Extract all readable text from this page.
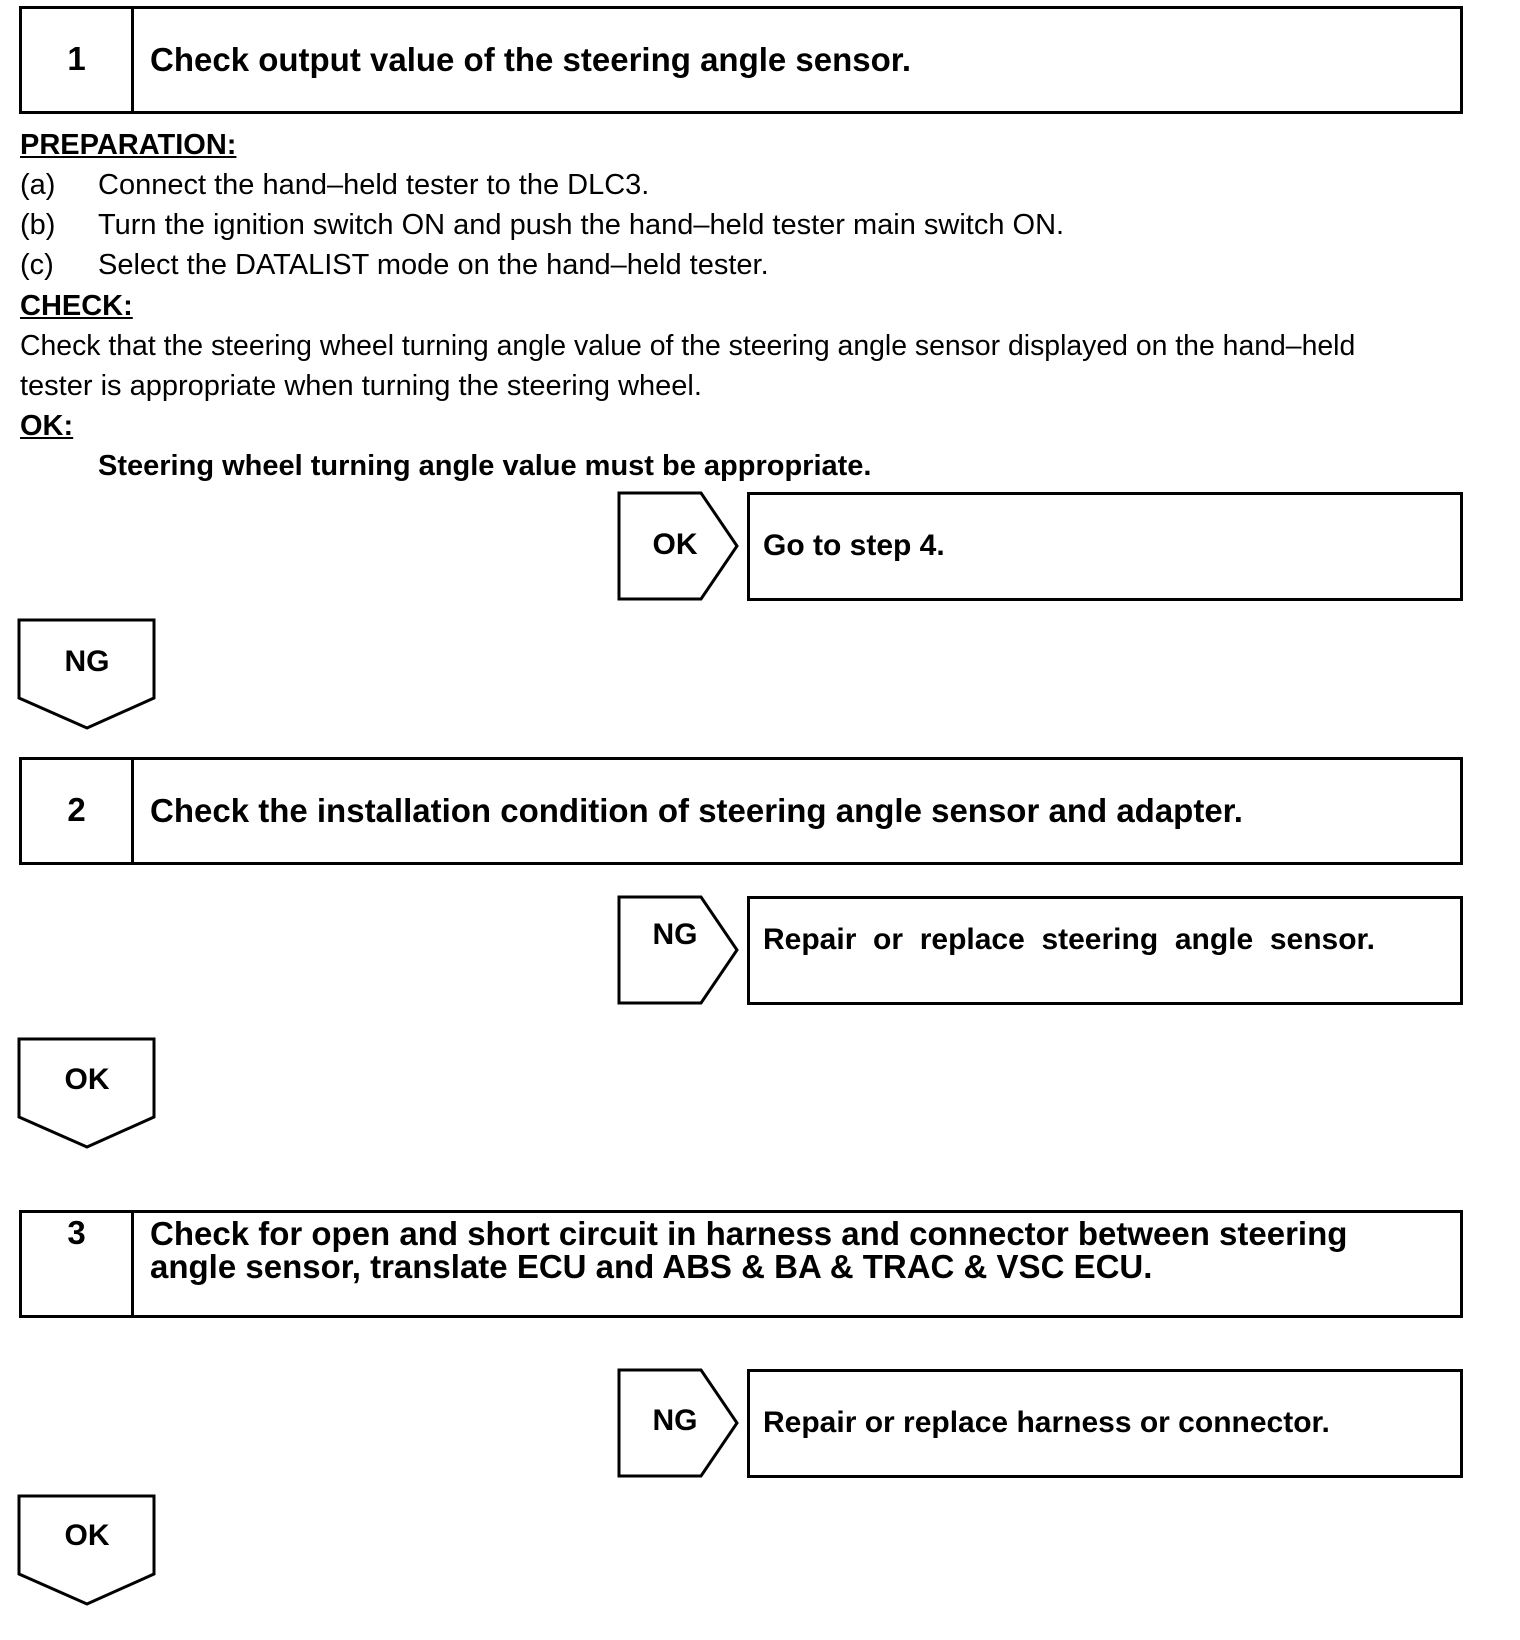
1	Check output value of the steering angle sensor.
PREPARATION:
(a) Connect the hand–held tester to the DLC3.
(b) Turn the ignition switch ON and push the hand–held tester main switch ON.
(c) Select the DATALIST mode on the hand–held tester.
CHECK:
Check that the steering wheel turning angle value of the steering angle sensor displayed on the hand–held
tester is appropriate when turning the steering wheel.
OK:
Steering wheel turning angle value must be appropriate.
OK	Go to step 4.
NG
2	Check the installation condition of steering angle sensor and adapter.
NG	Repair  or  replace  steering  angle  sensor.
OK
3	Check for open and short circuit in harness and connector between steering
angle sensor, translate ECU and ABS & BA & TRAC & VSC ECU.
NG	Repair or replace harness or connector.
OK
